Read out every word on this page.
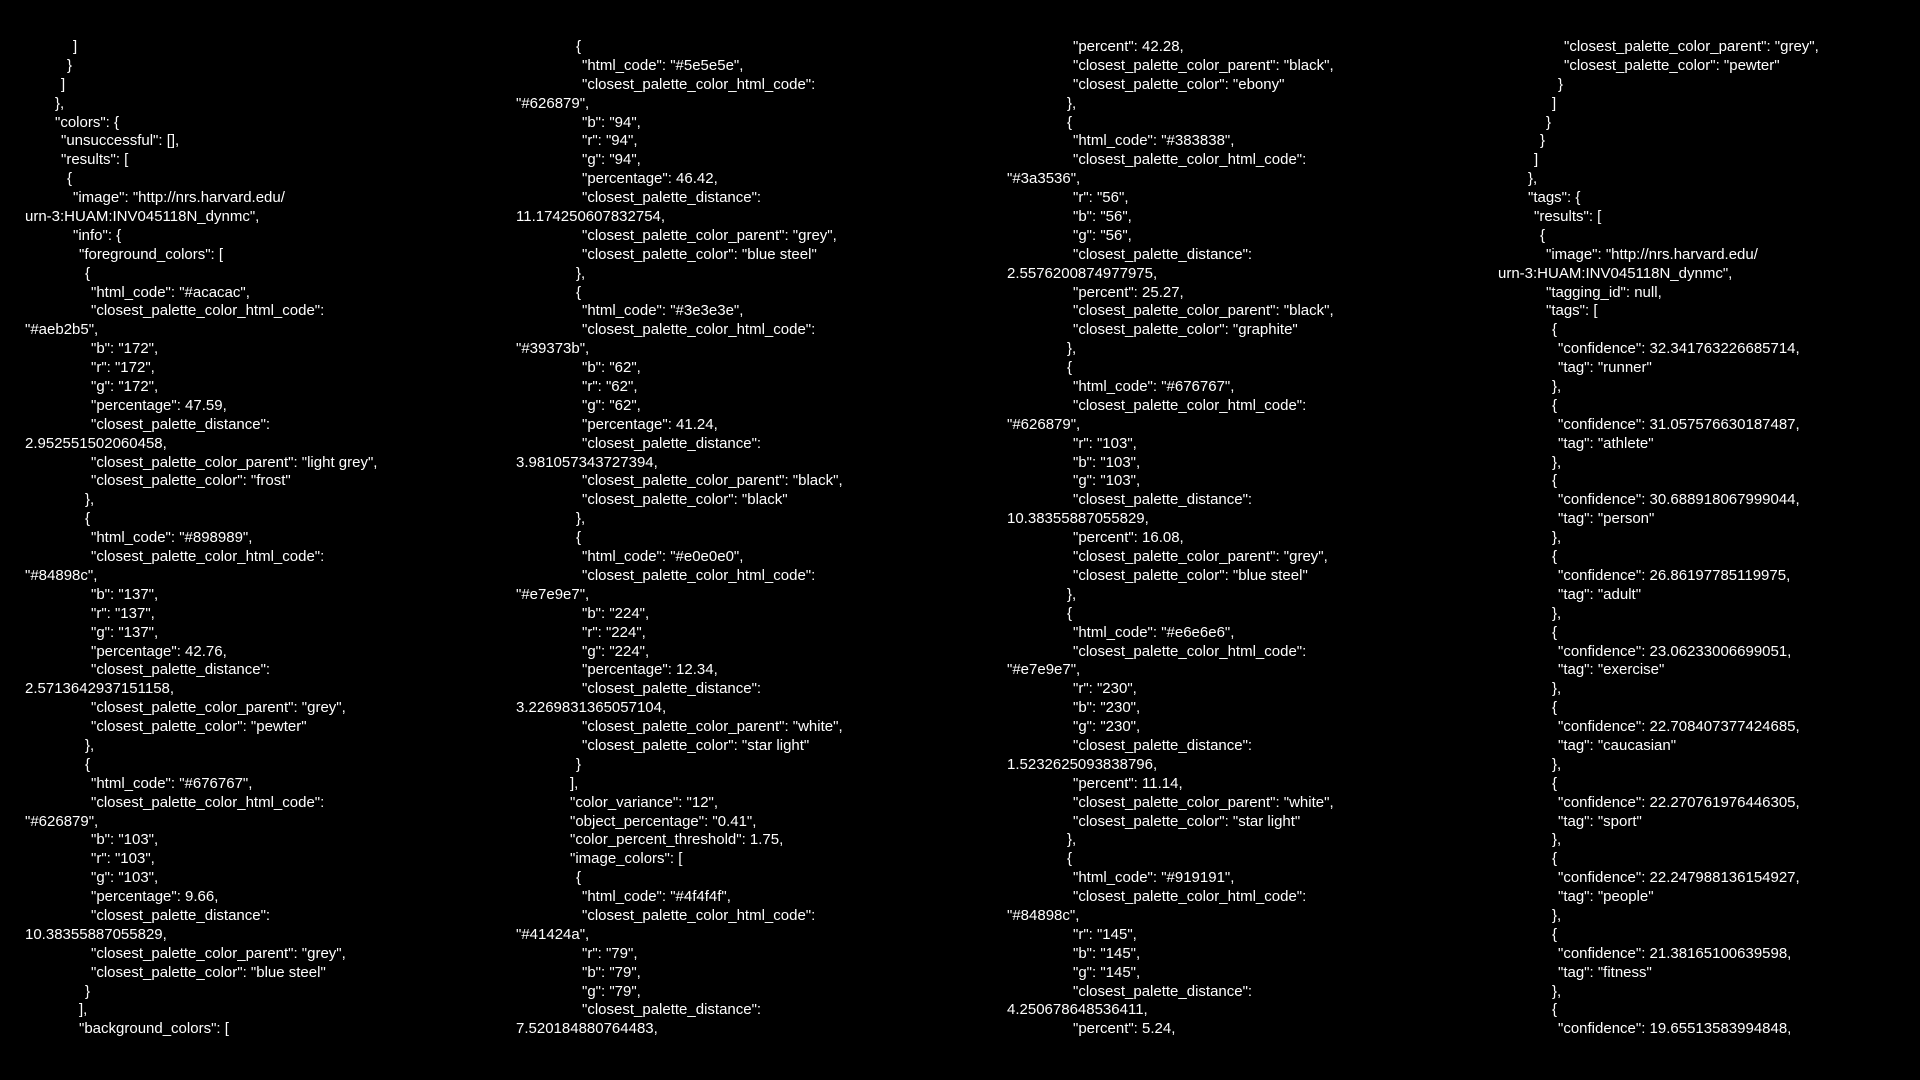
]
}
]
},
"colors": {
"unsuccessful": [],
"results": [
{
"image": "http://nrs.harvard.edu/
urn-3:HUAM:INV045118N_dynmc",
"info": {
"foreground_colors": [
{
"html_code": "#acacac",
"closest_palette_color_html_code":
"#aeb2b5",
"b": "172",
"r": "172",
"g": "172",
"percentage": 47.59,
"closest_palette_distance":
2.952551502060458,
"closest_palette_color_parent": "light grey",
"closest_palette_color": "frost"
},
{
"html_code": "#898989",
"closest_palette_color_html_code":
"#84898c",
"b": "137",
"r": "137",
"g": "137",
"percentage": 42.76,
"closest_palette_distance":
2.5713642937151158,
"closest_palette_color_parent": "grey",
"closest_palette_color": "pewter"
},
{
"html_code": "#676767",
"closest_palette_color_html_code":
"#626879",
"b": "103",
"r": "103",
"g": "103",
"percentage": 9.66,
"closest_palette_distance":
10.38355887055829,
"closest_palette_color_parent": "grey",
"closest_palette_color": "blue steel"
}
],
"background_colors": [
{
"html_code": "#5e5e5e",
"closest_palette_color_html_code":
"#626879",
"b": "94",
"r": "94",
"g": "94",
"percentage": 46.42,
"closest_palette_distance":
11.174250607832754,
"closest_palette_color_parent": "grey",
"closest_palette_color": "blue steel"
},
{
"html_code": "#3e3e3e",
"closest_palette_color_html_code":
"#39373b",
"b": "62",
"r": "62",
"g": "62",
"percentage": 41.24,
"closest_palette_distance":
3.981057343727394,
"closest_palette_color_parent": "black",
"closest_palette_color": "black"
},
{
"html_code": "#e0e0e0",
"closest_palette_color_html_code":
"#e7e9e7",
"b": "224",
"r": "224",
"g": "224",
"percentage": 12.34,
"closest_palette_distance":
3.2269831365057104,
"closest_palette_color_parent": "white",
"closest_palette_color": "star light"
}
],
"color_variance": "12",
"object_percentage": "0.41",
"color_percent_threshold": 1.75,
"image_colors": [
{
"html_code": "#4f4f4f",
"closest_palette_color_html_code":
"#41424a",
"r": "79",
"b": "79",
"g": "79",
"closest_palette_distance":
7.520184880764483,
"percent": 42.28,
"closest_palette_color_parent": "black",
"closest_palette_color": "ebony"
},
{
"html_code": "#383838",
"closest_palette_color_html_code":
"#3a3536",
"r": "56",
"b": "56",
"g": "56",
"closest_palette_distance":
2.5576200874977975,
"percent": 25.27,
"closest_palette_color_parent": "black",
"closest_palette_color": "graphite"
},
{
"html_code": "#676767",
"closest_palette_color_html_code":
"#626879",
"r": "103",
"b": "103",
"g": "103",
"closest_palette_distance":
10.38355887055829,
"percent": 16.08,
"closest_palette_color_parent": "grey",
"closest_palette_color": "blue steel"
},
{
"html_code": "#e6e6e6",
"closest_palette_color_html_code":
"#e7e9e7",
"r": "230",
"b": "230",
"g": "230",
"closest_palette_distance":
1.5232625093838796,
"percent": 11.14,
"closest_palette_color_parent": "white",
"closest_palette_color": "star light"
},
{
"html_code": "#919191",
"closest_palette_color_html_code":
"#84898c",
"r": "145",
"b": "145",
"g": "145",
"closest_palette_distance":
4.250678648536411,
"percent": 5.24,
"closest_palette_color_parent": "grey",
"closest_palette_color": "pewter"
}
]
}
}
]
},
"tags": {
"results": [
{
"image": "http://nrs.harvard.edu/
urn-3:HUAM:INV045118N_dynmc",
"tagging_id": null,
"tags": [
{
"confidence": 32.341763226685714,
"tag": "runner"
},
{
"confidence": 31.057576630187487,
"tag": "athlete"
},
{
"confidence": 30.688918067999044,
"tag": "person"
},
{
"confidence": 26.86197785119975,
"tag": "adult"
},
{
"confidence": 23.06233006699051,
"tag": "exercise"
},
{
"confidence": 22.708407377424685,
"tag": "caucasian"
},
{
"confidence": 22.270761976446305,
"tag": "sport"
},
{
"confidence": 22.247988136154927,
"tag": "people"
},
{
"confidence": 21.38165100639598,
"tag": "fitness"
},
{
"confidence": 19.65513583994848,
